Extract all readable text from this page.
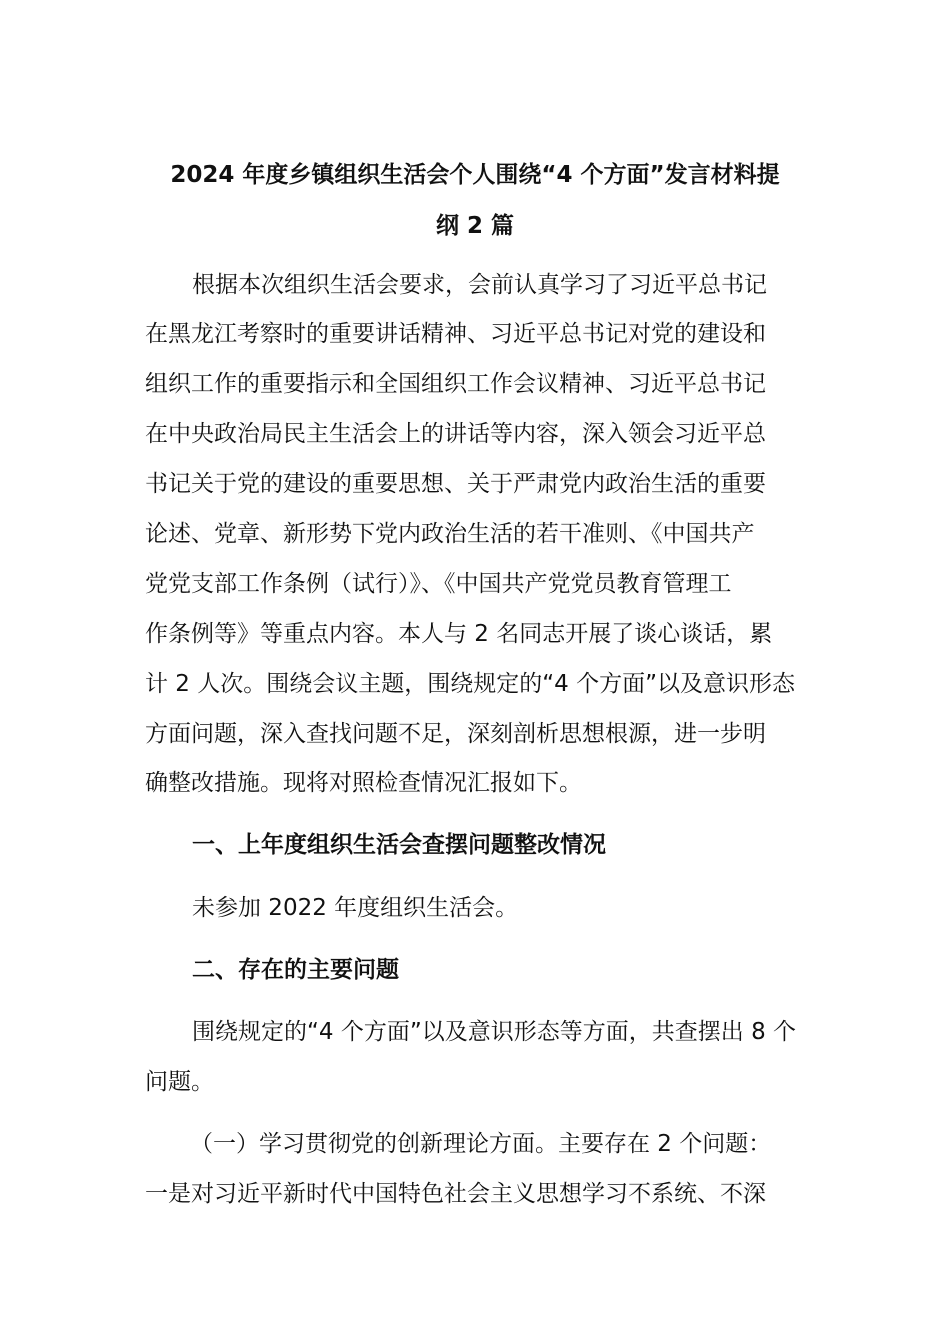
2024 年度乡镇组织生活会个人围绕“4 个方面”发言材料提
纲 2 篇
根据本次组织生活会要求，会前认真学习了习近平总书记
在黑龙江考察时的重要讲话精神、习近平总书记对党的建设和
组织工作的重要指示和全国组织工作会议精神、习近平总书记
在中央政治局民主生活会上的讲话等内容，深入领会习近平总
书记关于党的建设的重要思想、关于严肃党内政治生活的重要
论述、党章、新形势下党内政治生活的若干准则、《中国共产
党党支部工作条例（试行）》、《中国共产党党员教育管理工
作条例等》等重点内容。本人与 2 名同志开展了谈心谈话，累
计 2 人次。围绕会议主题，围绕规定的“4 个方面”以及意识形态
方面问题，深入查找问题不足，深刻剖析思想根源，进一步明
确整改措施。现将对照检查情况汇报如下。
一、上年度组织生活会查摆问题整改情况
未参加 2022 年度组织生活会。
二、存在的主要问题
围绕规定的“4 个方面”以及意识形态等方面，共查摆出 8 个
问题。
（一）学习贯彻党的创新理论方面。主要存在 2 个问题：
一是对习近平新时代中国特色社会主义思想学习不系统、不深
